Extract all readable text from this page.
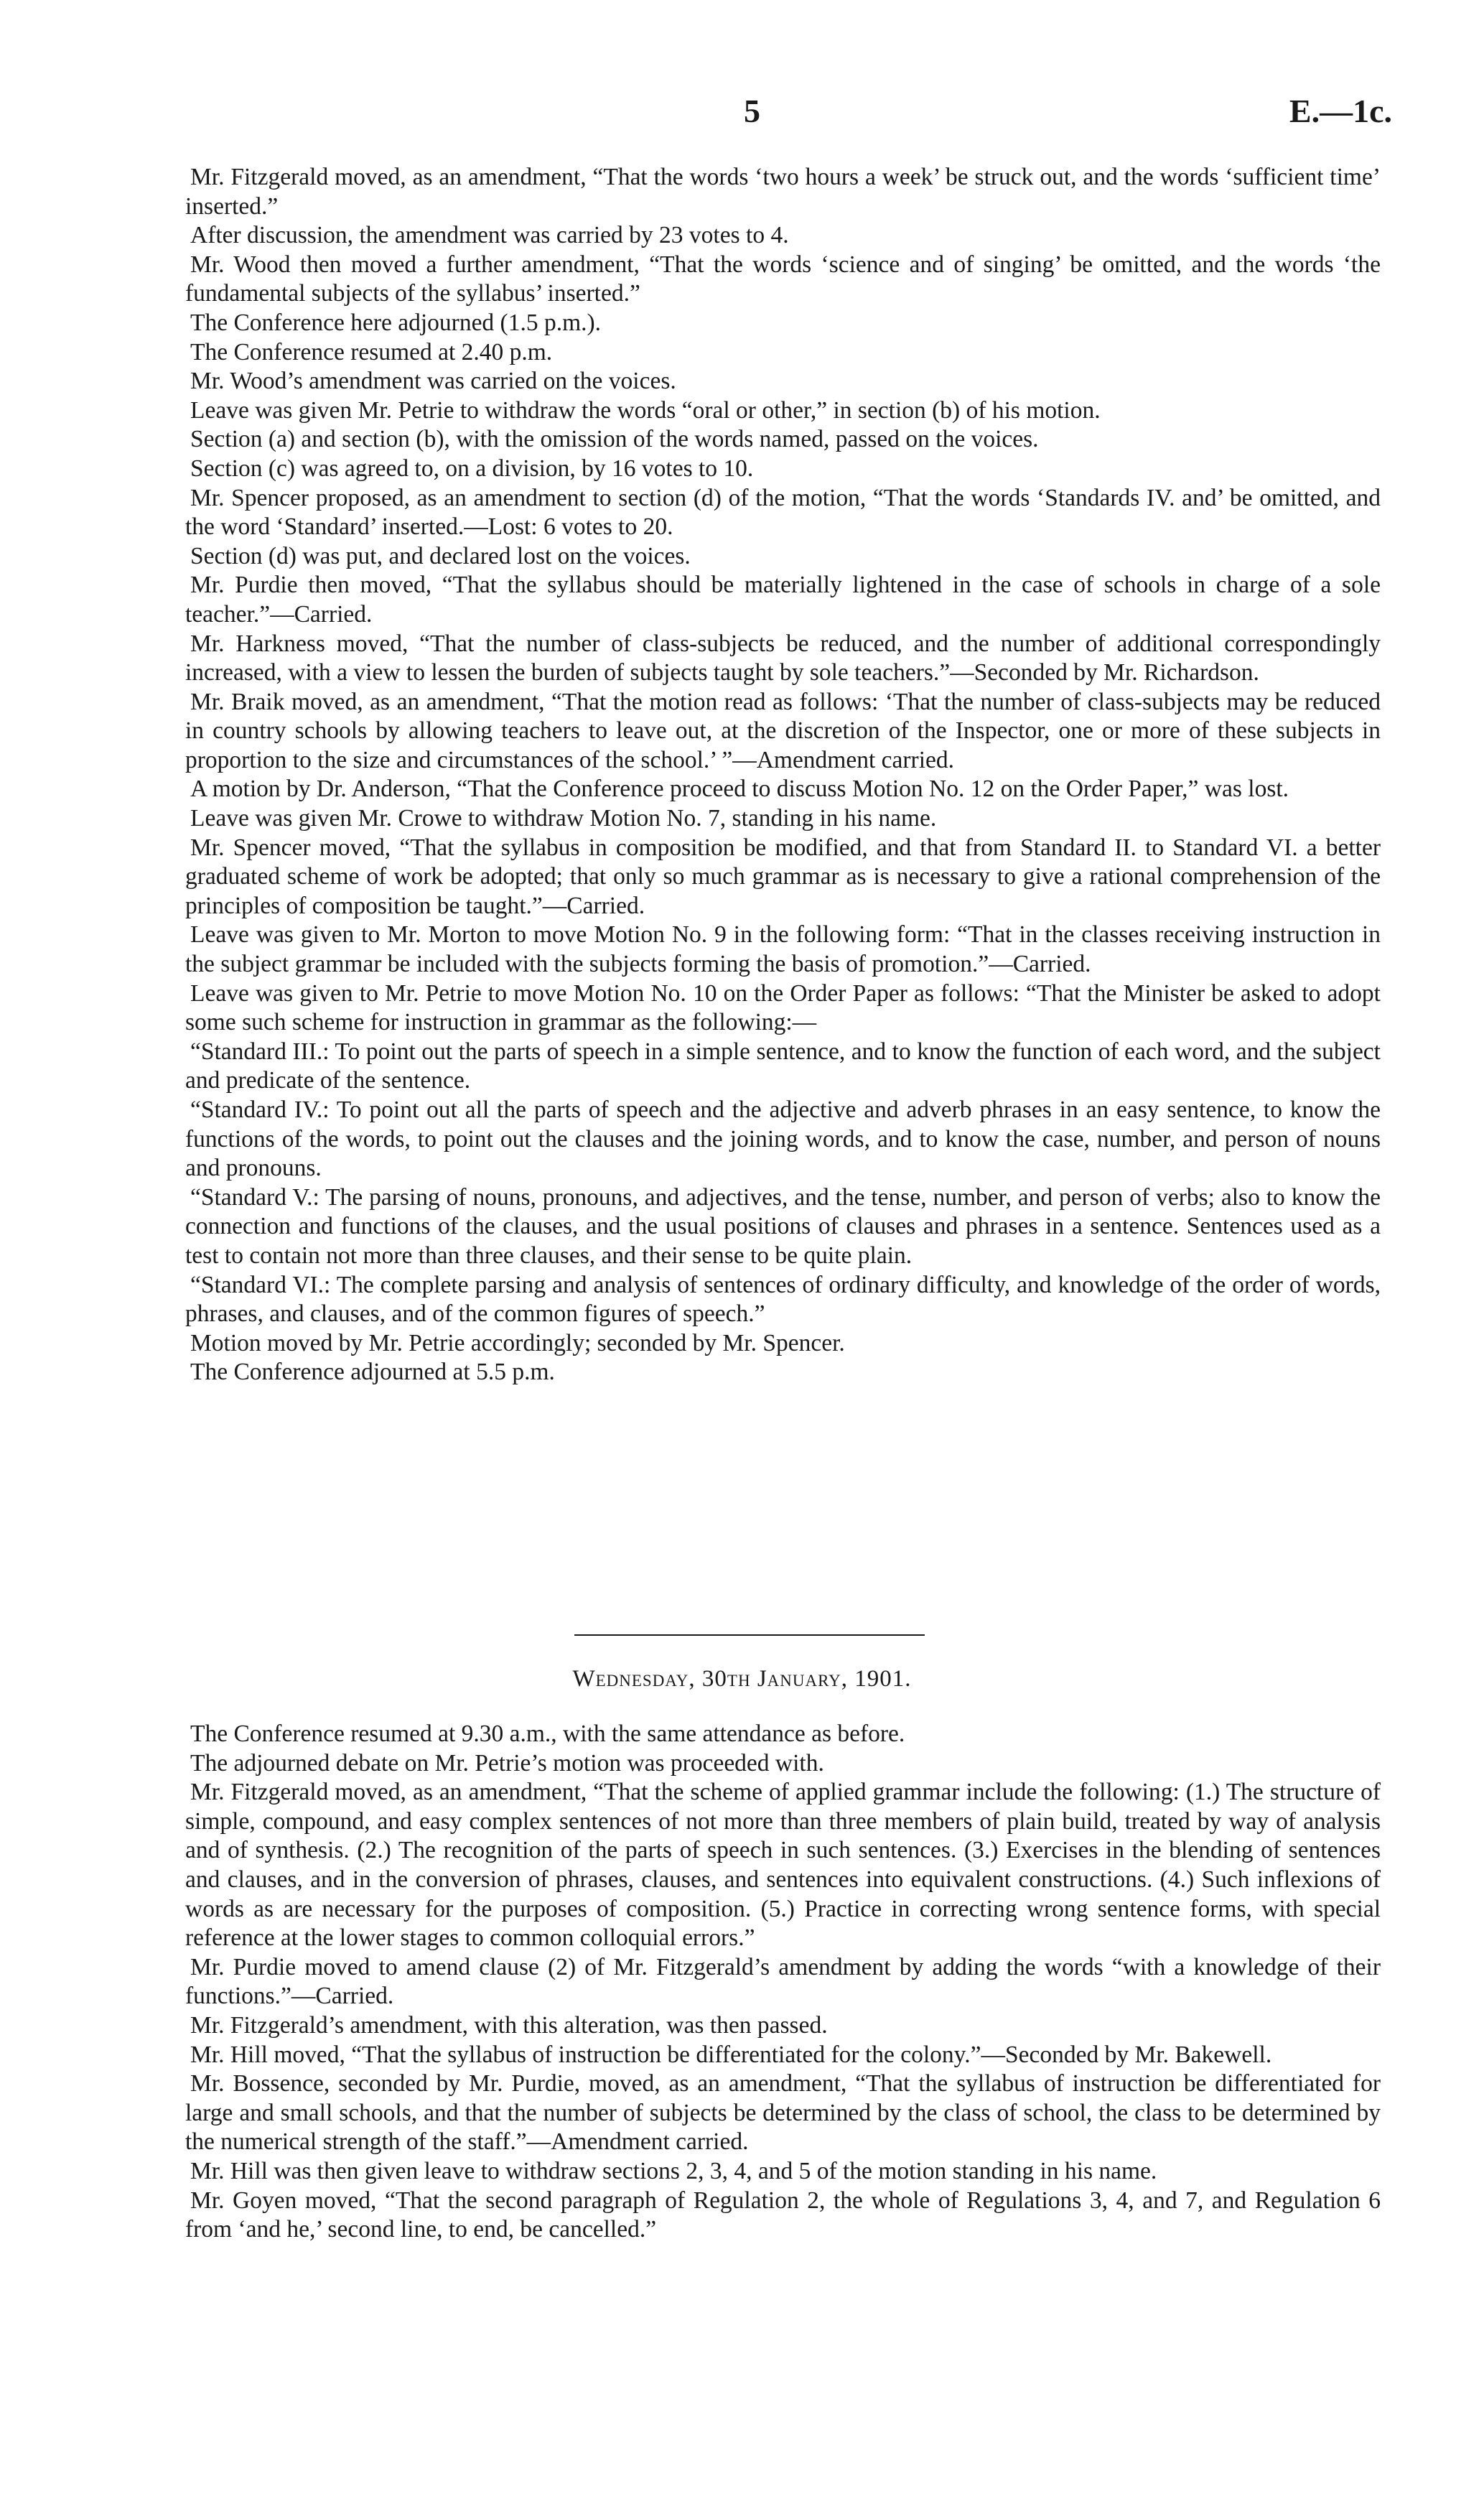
5	E.—1c.

Mr. Fitzgerald moved, as an amendment, “That the words ‘two hours a week’ be struck out, and the words ‘sufficient time’ inserted.”

After discussion, the amendment was carried by 23 votes to 4.

Mr. Wood then moved a further amendment, “That the words ‘science and of singing’ be omitted, and the words ‘the fundamental subjects of the syllabus’ inserted.”

The Conference here adjourned (1.5 p.m.).

The Conference resumed at 2.40 p.m.

Mr. Wood’s amendment was carried on the voices.

Leave was given Mr. Petrie to withdraw the words “oral or other,” in section (b) of his motion.

Section (a) and section (b), with the omission of the words named, passed on the voices.

Section (c) was agreed to, on a division, by 16 votes to 10.

Mr. Spencer proposed, as an amendment to section (d) of the motion, “That the words ‘Standards IV. and’ be omitted, and the word ‘Standard’ inserted.—Lost: 6 votes to 20.

Section (d) was put, and declared lost on the voices.

Mr. Purdie then moved, “That the syllabus should be materially lightened in the case of schools in charge of a sole teacher.”—Carried.

Mr. Harkness moved, “That the number of class-subjects be reduced, and the number of additional correspondingly increased, with a view to lessen the burden of subjects taught by sole teachers.”—Seconded by Mr. Richardson.

Mr. Braik moved, as an amendment, “That the motion read as follows: ‘That the number of class-subjects may be reduced in country schools by allowing teachers to leave out, at the discretion of the Inspector, one or more of these subjects in proportion to the size and circumstances of the school.’ ”—Amendment carried.

A motion by Dr. Anderson, “That the Conference proceed to discuss Motion No. 12 on the Order Paper,” was lost.

Leave was given Mr. Crowe to withdraw Motion No. 7, standing in his name.

Mr. Spencer moved, “That the syllabus in composition be modified, and that from Standard II. to Standard VI. a better graduated scheme of work be adopted; that only so much grammar as is necessary to give a rational comprehension of the principles of composition be taught.”—Carried.

Leave was given to Mr. Morton to move Motion No. 9 in the following form: “That in the classes receiving instruction in the subject grammar be included with the subjects forming the basis of promotion.”—Carried.

Leave was given to Mr. Petrie to move Motion No. 10 on the Order Paper as follows: “That the Minister be asked to adopt some such scheme for instruction in grammar as the following:—

“Standard III.: To point out the parts of speech in a simple sentence, and to know the function of each word, and the subject and predicate of the sentence.

“Standard IV.: To point out all the parts of speech and the adjective and adverb phrases in an easy sentence, to know the functions of the words, to point out the clauses and the joining words, and to know the case, number, and person of nouns and pronouns.

“Standard V.: The parsing of nouns, pronouns, and adjectives, and the tense, number, and person of verbs; also to know the connection and functions of the clauses, and the usual positions of clauses and phrases in a sentence. Sentences used as a test to contain not more than three clauses, and their sense to be quite plain.

“Standard VI.: The complete parsing and analysis of sentences of ordinary difficulty, and knowledge of the order of words, phrases, and clauses, and of the common figures of speech.”

Motion moved by Mr. Petrie accordingly; seconded by Mr. Spencer.

The Conference adjourned at 5.5 p.m.

Wednesday, 30th January, 1901.

The Conference resumed at 9.30 a.m., with the same attendance as before.

The adjourned debate on Mr. Petrie’s motion was proceeded with.

Mr. Fitzgerald moved, as an amendment, “That the scheme of applied grammar include the following: (1.) The structure of simple, compound, and easy complex sentences of not more than three members of plain build, treated by way of analysis and of synthesis. (2.) The recognition of the parts of speech in such sentences. (3.) Exercises in the blending of sentences and clauses, and in the conversion of phrases, clauses, and sentences into equivalent constructions. (4.) Such inflexions of words as are necessary for the purposes of composition. (5.) Practice in correcting wrong sentence forms, with special reference at the lower stages to common colloquial errors.”

Mr. Purdie moved to amend clause (2) of Mr. Fitzgerald’s amendment by adding the words “with a knowledge of their functions.”—Carried.

Mr. Fitzgerald’s amendment, with this alteration, was then passed.

Mr. Hill moved, “That the syllabus of instruction be differentiated for the colony.”—Seconded by Mr. Bakewell.

Mr. Bossence, seconded by Mr. Purdie, moved, as an amendment, “That the syllabus of instruction be differentiated for large and small schools, and that the number of subjects be determined by the class of school, the class to be determined by the numerical strength of the staff.”—Amendment carried.

Mr. Hill was then given leave to withdraw sections 2, 3, 4, and 5 of the motion standing in his name.

Mr. Goyen moved, “That the second paragraph of Regulation 2, the whole of Regulations 3, 4, and 7, and Regulation 6 from ‘and he,’ second line, to end, be cancelled.”
